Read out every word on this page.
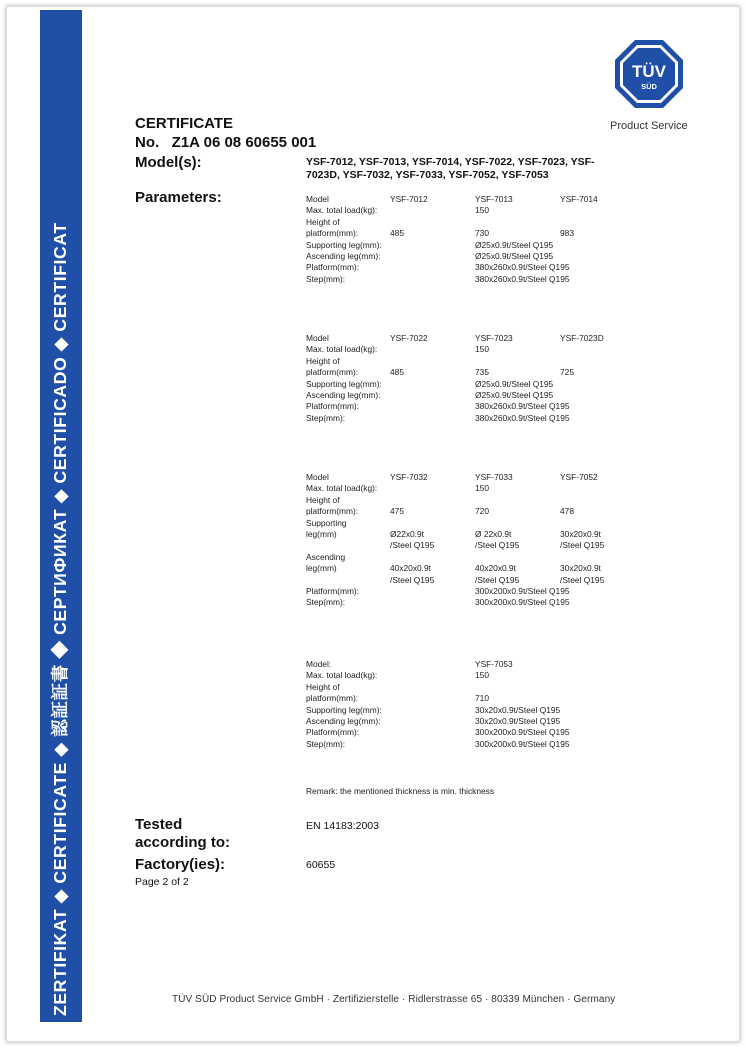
ZERTIFIKAT ◆ CERTIFICATE ◆ 認証証書 ◆ СЕРТИФИКАТ ◆ CERTIFICADO ◆ CERTIFICAT
TÜV
SÜD
Product Service
CERTIFICATE
No.   Z1A 06 08 60655 001
Model(s):	YSF-7012, YSF-7013, YSF-7014, YSF-7022, YSF-7023, YSF-7023D, YSF-7032, YSF-7033, YSF-7052, YSF-7053
Parameters:	Model	YSF-7012	YSF-7013	YSF-7014
Max. total load(kg):	150
Height of
platform(mm):	485	730	983
Supporting leg(mm):	Ø25x0.9t/Steel Q195
Ascending leg(mm):	Ø25x0.9t/Steel Q195
Platform(mm):	380x260x0.9t/Steel Q195
Step(mm):	380x260x0.9t/Steel Q195
Model	YSF-7022	YSF-7023	YSF-7023D
Max. total load(kg):	150
Height of
platform(mm):	485	735	725
Supporting leg(mm):	Ø25x0.9t/Steel Q195
Ascending leg(mm):	Ø25x0.9t/Steel Q195
Platform(mm):	380x260x0.9t/Steel Q195
Step(mm):	380x260x0.9t/Steel Q195
Model	YSF-7032	YSF-7033	YSF-7052
Max. total load(kg):	150
Height of
platform(mm):	475	720	478
Supporting
leg(mm)	Ø22x0.9t	Ø 22x0.9t	30x20x0.9t
/Steel Q195	/Steel Q195	/Steel Q195
Ascending
leg(mm)	40x20x0.9t	40x20x0.9t	30x20x0.9t
/Steel Q195	/Steel Q195	/Steel Q195
Platform(mm):	300x200x0.9t/Steel Q195
Step(mm):	300x200x0.9t/Steel Q195
Model:	YSF-7053
Max. total load(kg):	150
Height of
platform(mm):	710
Supporting leg(mm):	30x20x0.9t/Steel Q195
Ascending leg(mm):	30x20x0.9t/Steel Q195
Platform(mm):	300x200x0.9t/Steel Q195
Step(mm):	300x200x0.9t/Steel Q195
Remark: the mentioned thickness is min. thickness
Tested
according to:
EN 14183:2003
Factory(ies):	60655
Page 2 of 2
TÜV SÜD Product Service GmbH · Zertifizierstelle · Ridlerstrasse 65 · 80339 München · Germany
